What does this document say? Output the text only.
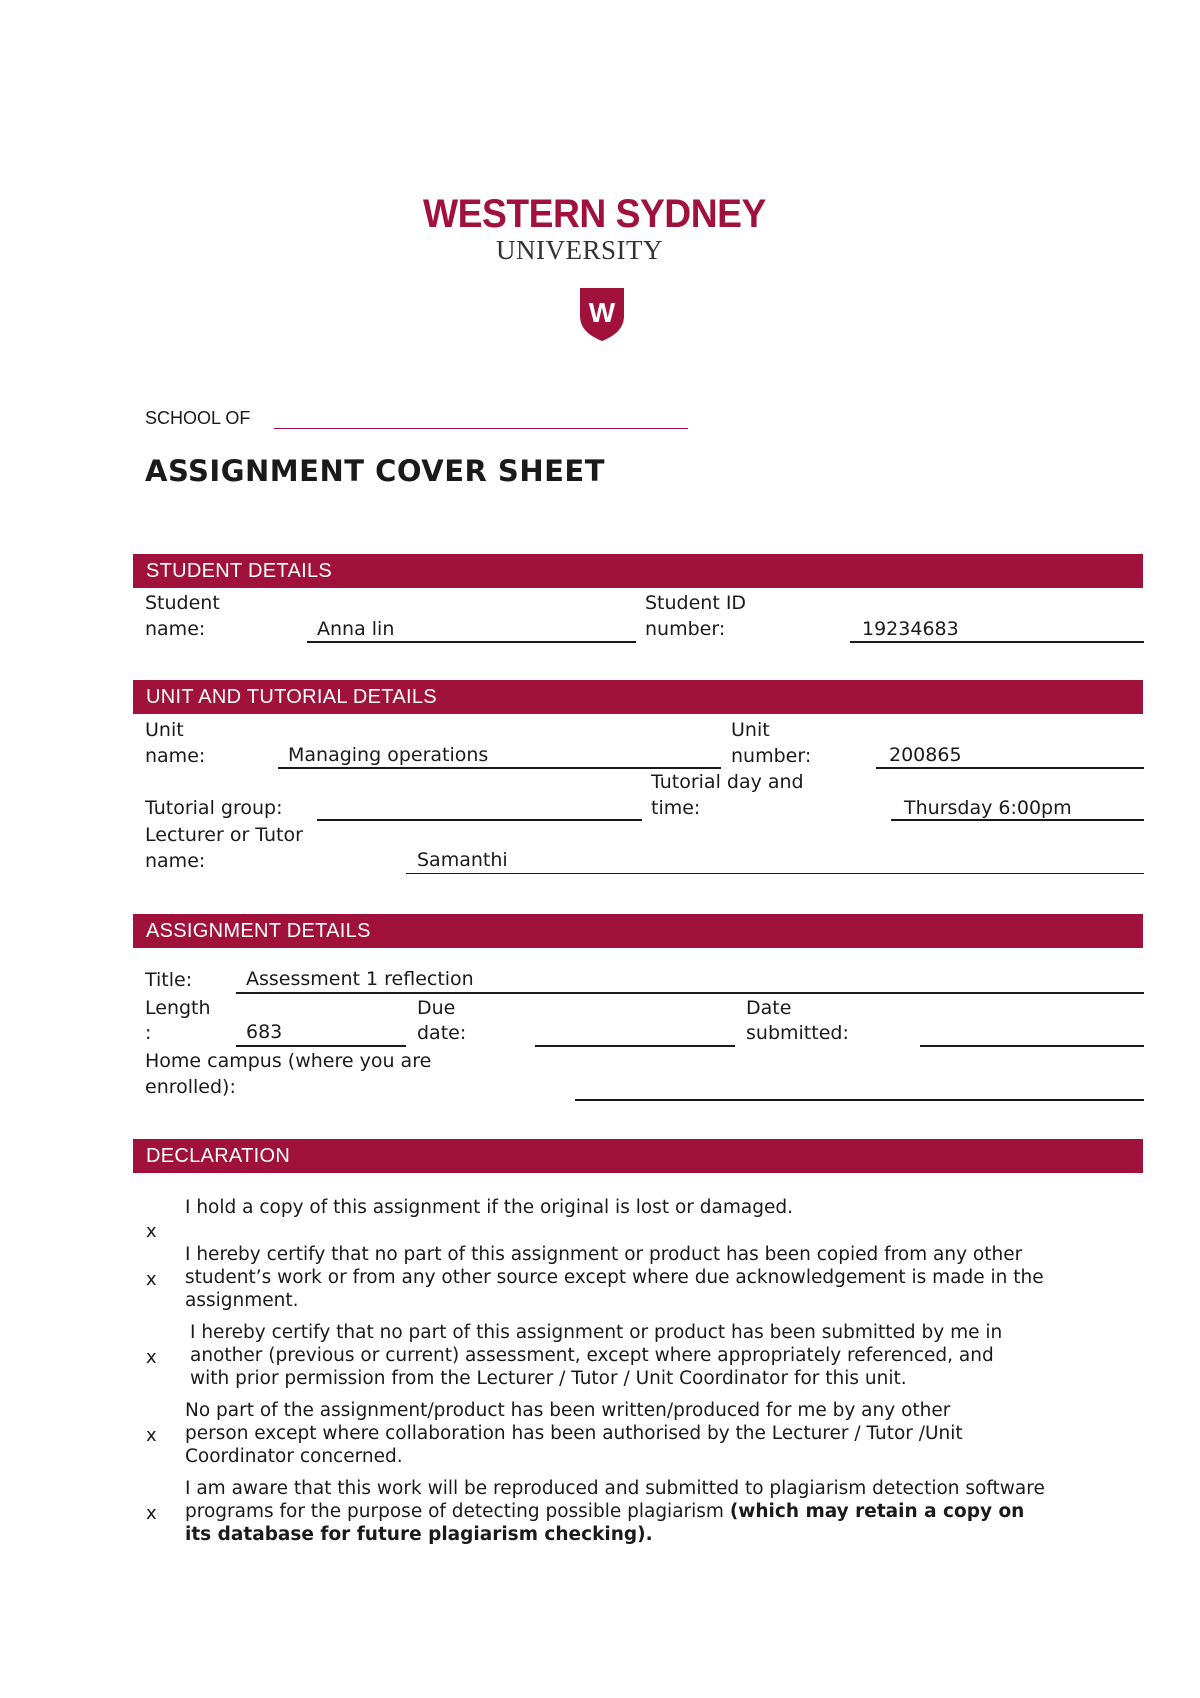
WESTERN SYDNEY
UNIVERSITY
W
SCHOOL OF
ASSIGNMENT COVER SHEET
STUDENT DETAILS
Student
name:	Anna lin
Student ID
number:	19234683
UNIT AND TUTORIAL DETAILS
Unit
name:	Managing operations
Unit
number:	200865
Tutorial group:
Tutorial day and
time:	Thursday 6:00pm
Lecturer or Tutor
name:	Samanthi
ASSIGNMENT DETAILS
Title:	Assessment 1 reflection
Length
:	683
Due
date:
Date
submitted:
Home campus (where you are
enrolled):
DECLARATION
x
I hold a copy of this assignment if the original is lost or damaged.
x
I hereby certify that no part of this assignment or product has been copied from any other
student’s work or from any other source except where due acknowledgement is made in the
assignment.
x
I hereby certify that no part of this assignment or product has been submitted by me in
another (previous or current) assessment, except where appropriately referenced, and
with prior permission from the Lecturer / Tutor / Unit Coordinator for this unit.
x
No part of the assignment/product has been written/produced for me by any other
person except where collaboration has been authorised by the Lecturer / Tutor /Unit
Coordinator concerned.
x
I am aware that this work will be reproduced and submitted to plagiarism detection software
programs for the purpose of detecting possible plagiarism (which may retain a copy on
its database for future plagiarism checking).
